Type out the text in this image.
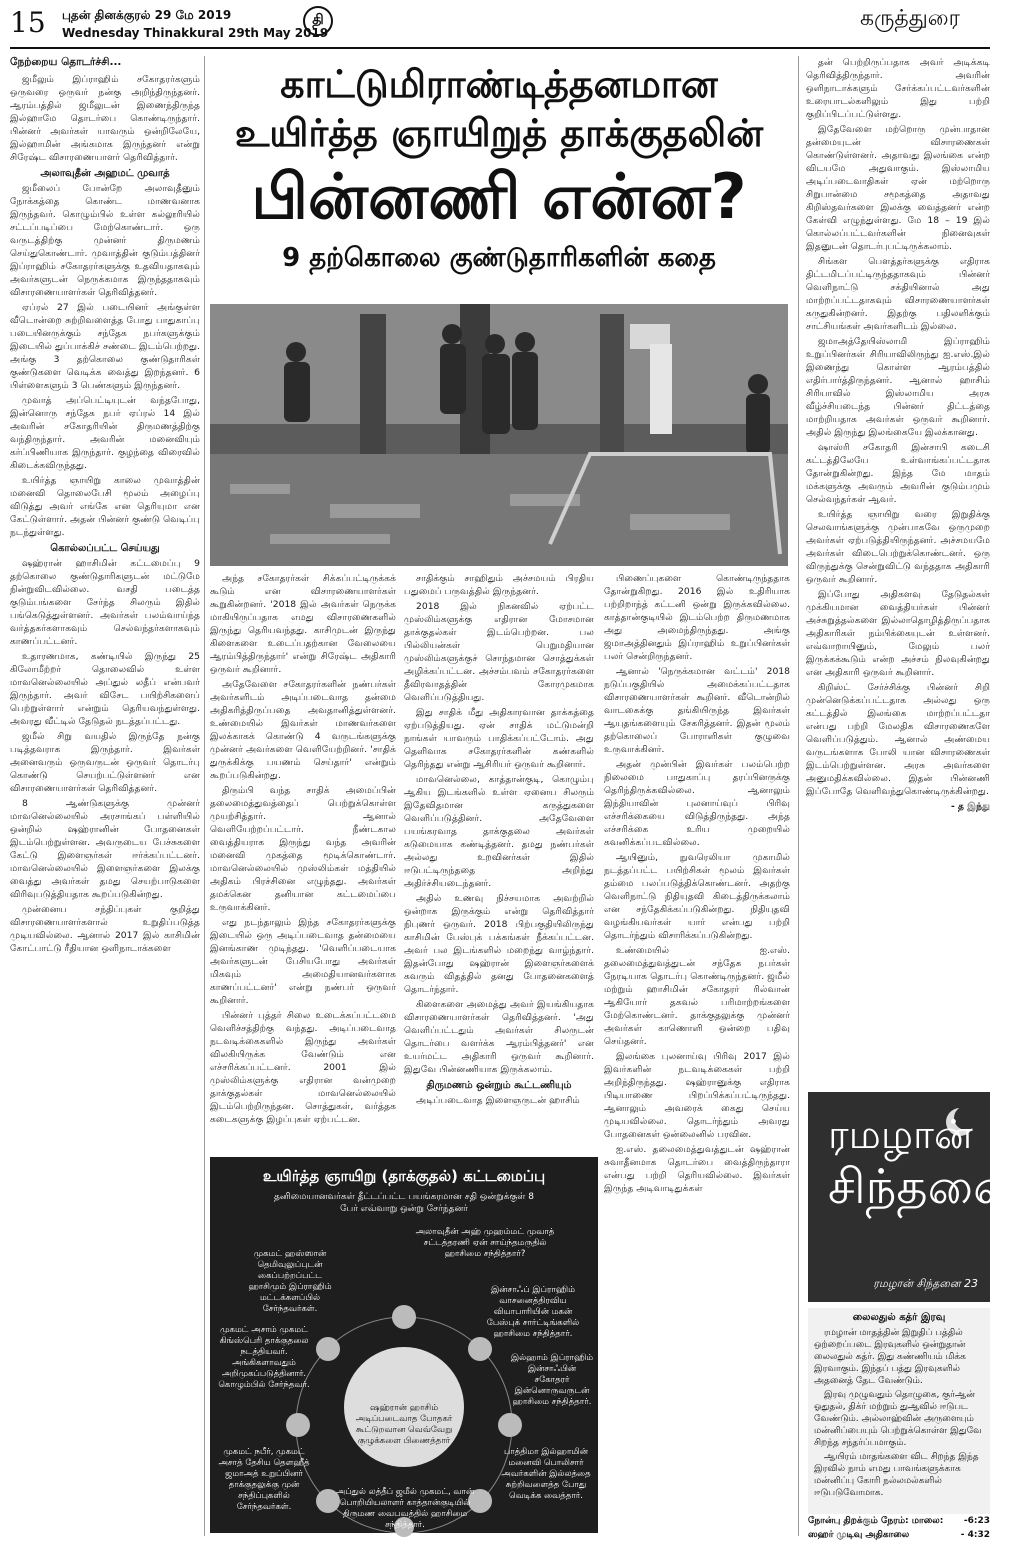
15 புதன் தினக்குரல் 29 மே 2019
Wednesday Thinakkural 29th May 2019
தி	கருத்துரை
காட்டுமிராண்டித்தனமான
உயிர்த்த ஞாயிறுத் தாக்குதலின்
பின்னணி என்ன?
9 தற்கொலை குண்டுதாரிகளின் கதை
நேற்றைய தொடர்ச்சி...

ஜமீலும் இப்ராஹிம் சகோதரர்களும் ஒருவரை ஒருவர் நன்கு அறிந்திருந்தனர். ஆரம்பத்தில் ஜமீலுடன் இணைந்திருந்த இல்ஹாமே தொடர்பை கொண்டிருந்தார். பின்னர் அவர்கள் யாவரும் ஒன்றிலேயே, இல்ஹாமின் அங்கமாக இருந்தனர் என்று சிரேஷ்ட விசாரணையாளர் தெரிவித்தார்.

அலாவுதீன் அஹமட் முவாத்

ஜமீலைப் போன்றே அலாவுதீனும் நோக்கத்தை கொண்ட மாணவனாக இருந்தவர். கொழும்பில் உள்ள கல்லூரியில் சட்டப்படிப்பை மேற்கொண்டார். ஒரு வருடத்திற்கு முன்னர் திருமணம் செய்துகொண்டார். முவாத்தின் குடும்பத்தினர் இப்ராஹிம் சகோதரர்களுக்கு உதவியதாகவும் அவர்களுடன் நெருக்கமாக இருந்ததாகவும் விசாரணையாளர்கள் தெரிவித்தனர்.

ஏப்ரல் 27 இல் படையினர் அங்குள்ள வீடொன்றை சுற்றிவளைத்த போது பாதுகாப்பு படையினருக்கும் சந்தேக நபர்களுக்கும் இடையில் துப்பாக்கிச் சண்டை இடம்பெற்றது. அங்கு 3 தற்கொலை குண்டுதாரிகள் குண்டுகளை வெடிக்க வைத்து இறந்தனர். 6 பிள்ளைகளும் 3 பெண்களும் இருந்தனர்.

முவாத் அப்பெட்டியுடன் வந்தபோது, இன்னொரு சந்தேக நபர் ஏப்ரல் 14 இல் அவரின் சகோதரியின் திருமணத்திற்கு வந்திருந்தார். அவரின் மனைவியும் கர்ப்பிணியாக இருந்தார். குழந்தை விரைவில் கிடைக்கவிருந்தது.

உயிர்த்த ஞாயிறு காலை முவாத்தின் மனைவி தொலைபேசி மூலம் அழைப்பு விடுத்து அவர் எங்கே என தெரியுமா என கேட்டுள்ளார். அதன் பின்னர் குண்டு வெடிப்பு நடந்துள்ளது.

கொல்லப்பட்ட செய்யது

ஷஹ்ரான் ஹாசிமின் கட்டமைப்பு 9 தற்கொலை குண்டுதாரிகளுடன் மட்டுமே நின்றுவிடவில்லை. வசதி படைத்த குடும்பங்களை சேர்ந்த சிலரும் இதில் பங்கெடுத்துள்ளனர். அவர்கள் பலம்வாய்ந்த வர்த்தகர்களாகவும் செல்வந்தர்களாகவும் காணப்பட்டனர்.

உதாரணமாக, கண்டியில் இருந்து 25 கிலோமீற்றர் தொலைவில் உள்ள மாவனெல்லையில் அப்துல் லதீப் என்பவர் இருந்தார். அவர் விசேட பயிற்சிகளைப் பெற்றுள்ளார் என்றும் தெரியவந்துள்ளது. அவரது வீட்டில் தேடுதல் நடத்தப்பட்டது.

ஜமீல் சிறு வயதில் இருந்தே நன்கு படித்தவராக இருந்தார். இவர்கள் அனைவரும் ஒருவருடன் ஒருவர் தொடர்பு கொண்டு செயற்பட்டுள்ளனர் என விசாரணையாளர்கள் தெரிவித்தனர்.

8 ஆண்டுகளுக்கு முன்னர் மாவனெல்லையில் அரசாங்கப் பள்ளியில் ஒன்றில் ஷஹ்ரானின் போதனைகள் இடம்பெற்றுள்ளன. அவருடைய பேச்சுகளை கேட்டு இளைஞர்கள் ஈர்க்கப்பட்டனர். மாவனெல்லையில் இளைஞர்களை இலக்கு வைத்து அவர்கள் தமது செயற்பாடுகளை விரிவுபடுத்தியதாக கூறப்படுகின்றது.

முன்னைய சந்திப்புகள் குறித்து விசாரணையாளர்களால் உறுதிப்படுத்த முடியவில்லை. ஆனால் 2017 இல் காசிமின் கோட்பாட்டு ரீதியான ஒளிநாடாக்களை

அந்த சகோதரர்கள் சிக்கப்பட்டிருக்கக் கூடும் என விசாரணையாளர்கள் கூறுகின்றனர். '2018 இல் அவர்கள் நெருக்க மாகியிருப்பதாக எமது விசாரணைகளில் இருந்து தெரியவந்தது. காசிமுடன் இருந்து கிளைகளை உடைப்பதற்கான வேலையை ஆரம்பித்திருந்தார்' என்று சிரேஷ்ட அதிகாரி ஒருவர் கூறினார்.

அதேவேளை சகோதரர்களின் நண்பர்கள் அவர்களிடம் அடிப்படைவாத தன்மை அதிகரித்திருப்பதை அவதானித்துள்ளனர். உண்மையில் இவர்கள் மாணவர்களை இலக்காகக் கொண்டு 4 வருடங்களுக்கு முன்னர் அவர்களை வெளியேற்றினர். 'சாதிக் துருக்கிக்கு பயணம் செய்தார்' என்றும் கூறப்படுகின்றது.

திரும்பி வந்த சாதிக் அமைப்பின் தலைமைத்துவத்தைப் பெற்றுக்கொள்ள முயற்சித்தார். ஆனால் வெளியேற்றப்பட்டார். நீண்டகால வைத்தியராக இருந்து வந்த அவரின் மனைவி முகத்தை மூடிக்கொண்டார். மாவனெல்லையில் முஸ்லிம்கள் மத்தியில் அதிகம் பிரச்சினை எழுந்தது. அவர்கள் தமக்கென தனியான கட்டமைப்பை உருவாக்கினர்.

எது நடந்தாலும் இந்த சகோதரர்களுக்கு இடையில் ஒரு அடிப்படைவாத தன்மையை இனங்காண முடிந்தது. 'வெளிப்படையாக அவர்களுடன் பேசியபோது அவர்கள் மிகவும் அமைதியானவர்களாக காணப்பட்டனர்' என்று நண்பர் ஒருவர் கூறினார்.

பின்னர் புத்தர் சிலை உடைக்கப்பட்டமை வெளிச்சத்திற்கு வந்தது. அடிப்படைவாத நடவடிக்கைகளில் இருந்து அவர்கள் விலகியிருக்க வேண்டும் என எச்சரிக்கப்பட்டனர். 2001 இல் முஸ்லிம்களுக்கு எதிரான வன்முறை தாக்குதல்கள் மாவனெல்லையில் இடம்பெற்றிருந்தன. சொத்துகள், வர்த்தக கடைகளுக்கு இழப்புகள் ஏற்பட்டன.

சாதிக்கும் சாஹிதும் அச்சமயம் பிரதிய பதுமைப் பருவத்தில் இருந்தனர்.

2018 இல் நிகனவில் ஏற்பட்ட முஸ்லிம்களுக்கு எதிரான மோசமான தாக்குதல்கள் இடம்பெற்றன. பல பில்லியன்கள் பெறுமதியான முஸ்லிம்களுக்குச் சொந்தமான சொத்துக்கள் அழிக்கப்பட்டன. அச்சம்பவம் சகோதரர்களை தீவிரவாதத்தின் கோரமுகமாக வெளிப்படுத்தியது.

இது சாதிக் மீது அதிகாரவான தாக்கத்தை ஏற்படுத்தியது. ஏன் சாதிக் மட்டுமன்றி நாங்கள் யாவரும் பாதிக்கப்பட்டோம். அது தெளிவாக சகோதரர்களின் கண்களில் தெரிந்தது என்று ஆசிரியர் ஒருவர் கூறினார்.

மாவனெல்லை, காத்தான்குடி, கொழும்பு ஆகிய இடங்களில் உள்ள ஏனைய சிலரும் இதேவிதமான கருத்துகளை வெளிப்படுத்தினர். அதேவேளை பயங்கரவாத தாக்குதலை அவர்கள் கடுமையாக கண்டித்தனர். தமது நண்பர்கள் அல்லது உறவினர்கள் இதில் ஈடுபட்டிருந்ததை அறிந்து அதிர்ச்சியடைந்தனர்.

அதில் உணவு நிச்சயமாக அவற்றில் ஒன்றாக இருக்கும் என்று தெரிவித்தார் நிபுணர் ஒருவர். 2018 பிற்பகுதியிலிருந்து காசிமின் பேஸ்புக் பக்கங்கள் நீக்கப்பட்டன. அவர் பல இடங்களில் மறைந்து வாழ்ந்தார். இதன்போது ஷஹ்ரான் இளைஞர்களைக் கவரும் விதத்தில் தனது போதனைகளைத் தொடர்ந்தார்.

கிளைகளை அமைத்து அவர் இயங்கியதாக விசாரணையாளர்கள் தெரிவித்தனர். 'அது வெளிப்பட்டதும் அவர்கள் சிலருடன் தொடர்பை வளர்க்க ஆரம்பித்தனர்' என உயர்மட்ட அதிகாரி ஒருவர் கூறினார். இதுவே பின்னணியாக இருக்கலாம்.

திருமணம் ஒன்றும் கூட்டணியும்

அடிப்படைவாத இளைஞருடன் ஹாசிம்

பிணைப்புகளை கொண்டிருந்ததாக தோன்றுகிறது. 2016 இல் உதிரியாக பற்றிறாந்த் கட்டனி ஒன்று இருக்கவில்லை. காத்தான்குடியில் இடம்பெற்ற திருமணமாக அது அமைந்திருந்தது. அங்கு ஜமாஅத்தினதும் இப்ராஹிம் உறுப்பினர்கள் பலர் சென்றிருந்தனர்.

ஆனால் 'நெருக்கமான வட்டம்' 2018 நடுப்பகுதியில் அமைக்கப்பட்டதாக விசாரணையாளர்கள் கூறினர். வீடொன்றில் வாடகைக்கு தங்கியிருந்த இவர்கள் ஆயுதங்களையும் சேகரித்தனர். இதன் மூலம் தற்கொலைப் போராளிகள் குழுவை உருவாக்கினர்.

அதன் முன்பின் இவர்கள் பலம்பெற்ற நிலைமை பாதுகாப்பு தரப்பினருக்கு தெரிந்திருக்கவில்லை. ஆனாலும் இந்தியாவின் புலனாய்வுப் பிரிவு எச்சரிக்கையை விடுத்திருந்தது. அந்த எச்சரிக்கை உரிய முறையில் கவனிக்கப்படவில்லை.

ஆயினும், நுவரெலியா முகாமில் நடத்தப்பட்ட பயிற்சிகள் மூலம் இவர்கள் தம்மை பலப்படுத்திக்கொண்டனர். அதற்கு வெளிநாட்டு நிதியுதவி கிடைத்திருக்கலாம் என சந்தேகிக்கப்படுகின்றது. நிதியுதவி வழங்கியவர்கள் யார் என்பது பற்றி தொடர்ந்தும் விசாரிக்கப்படுகின்றது.

உண்மையில் ஐ.எஸ். தலைமைத்துவத்துடன் சந்தேக நபர்கள் நேரடியாக தொடர்பு கொண்டிருந்தனர். ஜமீல் மற்றும் ஹாசிமின் சகோதரர் ரில்வான் ஆகியோர் தகவல் பரிமாற்றங்களை மேற்கொண்டனர். தாக்குதலுக்கு முன்னர் அவர்கள் காணொளி ஒன்றை பதிவு செய்தனர்.

இலங்கை புலனாய்வு பிரிவு 2017 இல் இவர்களின் நடவடிக்கைகள் பற்றி அறிந்திருந்தது. ஷஹ்ரானுக்கு எதிராக பிடியாணை பிறப்பிக்கப்பட்டிருந்தது. ஆனாலும் அவரைக் கைது செய்ய முடியவில்லை. தொடர்ந்தும் அவரது போதனைகள் ஒன்லைனில் பரவின.

ஐ.எஸ். தலைமைத்துவத்துடன் ஷஹ்ரான் சுவாதீனமாக தொடர்பை வைத்திருந்தாரா என்பது பற்றி தெரியவில்லை. இவர்கள் இருந்த அடிவாடிதுக்கள்

தன் பெற்றிருப்பதாக அவர் அடிக்கடி தெரிவித்திருந்தார். அவரின் ஒளிநாடாக்களும் சேர்க்கப்பட்டவர்களின் உரையாடல்களிலும் இது பற்றி குறிப்பிடப்பட்டுள்ளது.

இதேவேளை மற்றொரு முன்பாதான தன்மையுடன் விசாரணைகள் கொண்டுள்ளனர். அதாவது இலங்கை என்ற விடயமே அதுவாகும். இஸ்லாமிய அடிப்படைவாதிகள் ஏன் மற்றொரு சிறுபான்மை சமூகத்தை அதாவது கிறிஸ்தவர்களை இலக்கு வைத்தனர் என்ற கேள்வி எழுந்துள்ளது. மே 18 – 19 இல் கொல்லப்பட்டவர்களின் நினைவுகள் இதனுடன் தொடர்புபட்டிருக்கலாம்.

சிங்கள பௌத்தர்களுக்கு எதிராக திட்டமிடப்பட்டிருந்ததாகவும் பின்னர் வெளிநாட்டு சக்தியினால் அது மாற்றப்பட்டதாகவும் விசாரணையாளர்கள் கருதுகின்றனர். இதற்கு பதிலளிக்கும் சாட்சியங்கள் அவர்களிடம் இல்லை.

ஜமாஅத்தேயிஸ்லாமி இப்ராஹிம் உறுப்பினர்கள் சிரியாவிலிருந்து ஐ.எஸ்.இல் இணைந்து கொள்ள ஆரம்பத்தில் எதிர்பார்த்திருந்தனர். ஆனால் ஹாசிம் சிரியாவில் இஸ்லாமிய அரசு வீழ்ச்சியடைந்த பின்னர் திட்டத்தை மாற்றியதாக அவர்கள் ஒருவர் கூறினார். அதில் இருந்து இலங்கையே இலக்கானது.

ஷாஸ்ரி சகோதரி இன்சாபி கடைசி கட்டத்திலேயே உள்வாங்கப்பட்டதாக தோன்றுகின்றது. இந்த மே மாதம் மக்களுக்கு அவரும் அவரின் குடும்பமும் செல்வந்தர்கள் ஆவர்.

உயிர்த்த ஞாயிறு வரை இறுதிக்கு செலவாங்களுக்கு முன்பாகவே ஒருமுறை அவர்கள் ஏற்படுத்தியிருந்தனர். அச்சமயமே அவர்கள் விடைபெற்றுக்கொண்டனர். ஒரு விருந்துக்கு சென்றுவிட்டு வந்ததாக அதிகாரி ஒருவர் கூறினார்.

இப்போது அதிகளவு தேடுதல்கள் முக்கியமான வைத்தியர்கள் பின்னர் அச்சுறுத்தல்களை இல்லாதொழித்திருப்பதாக அதிகாரிகள் நம்பிக்கையுடன் உள்ளனர். எவ்வாறாயினும், மேலும் பலர் இருக்கக்கூடும் என்ற அச்சம் நிலவுகின்றது என அதிகாரி ஒருவர் கூறினார்.

கிறிஸ்ட் சேர்ச்சிக்கு பின்னர் சிறி முன்னெடுக்கப்பட்டதாக அல்லது ஒரு கட்டத்தில் இலங்கை மாற்றப்பட்டதா என்பது பற்றி மேலதிக விசாரணைகளே வெளிப்படுத்தும். ஆனால் அண்மைய வருடங்களாக போலி யான விசாரணைகள் இடம்பெற்றுள்ளன. அரசு அவர்களை அனுமதிக்கவில்லை. இதன் பின்னணி இப்போதே வெளிவந்துகொண்டிருக்கின்றது.

- த இந்து

உயிர்த்த ஞாயிறு (தாக்குதல்) கட்டமைப்பு
தனிமையானவர்கள் தீட்டப்பட்ட பயங்கரமான சதி ஒன்றுக்குள் 8 பேர் எவ்வாறு ஒன்று சேர்ந்தனர்
அலாவுதீன் அஹ் முஹம்மட் முவாத் சட்டத்தரணி ஏன் சாய்ந்தமருதில் ஹாசிமை சந்தித்தார்?
முகமட் ஹஸ்ஸான் தெமிவுலுப்புடன் கைப்பற்றப்பட்ட ஹாசிமும் இப்ராஹிம் மட்டக்களப்பில் சேர்ந்தவர்கள்.
இன்சாஃப் இப்ராஹிம் வாசனைத்திரவிய வியாபாரியின் மகன் பேஸ்புக் சார்ட்டிங்களில் ஹாசிமை சந்தித்தார்.
முகமட் அசாம் முகமட் கிங்ஸ்பெரி தாக்குதலை நடத்தியவர். அங்கிகளாவதும் அறிமுகப்படுத்தினார். கொழும்பில் சேர்ந்தவர்.
இல்ஹாம் இப்ராஹிம் இன்சாஃபின் சகோதரர் இன்னொருவருடன் ஹாசிமை சந்தித்தார்.
முகமட் நபீர், முகமட் அசாத் தேசிய தௌஹீத் ஜமாஅத் உறுப்பினர் தாக்குதலுக்கு முன் சந்திப்புகளில் சேர்ந்தவர்கள்.
பாத்திமா இல்ஹாமின் மனைவி பொலிசார் அவர்களின் இல்லத்தை சுற்றிவளைத்த போது வெடிக்க வைத்தார்.
அப்துல் லத்தீப் ஜமீல் முகமட், வான் பொறியியலாளர் காத்தான்குடியில் திருமண வைபவத்தில் ஹாசிமை சந்தித்தார்.
ஷஹ்ரான் ஹாசிம் அடிப்படைவாத போதகர் கூட்டுறவான வெவ்வேறு குழுக்களை பிணைத்தார்
ரமழான்
சிந்தனை
ரமழான் சிந்தனை 23
லைலதுல் கத்ர் இரவு

ரமழான் மாதத்தின் இறுதிப் பத்தில் ஒற்றைப்படை இரவுகளில் ஒன்றுதான் லைலதுல் கத்ர். இது கண்ணியம் மிக்க இரவாகும். இந்தப் பத்து இரவுகளில் அதனைத் தேட வேண்டும்.

இரவு முழுவதும் தொழுகை, குர்ஆன் ஓதுதல், திக்ர் மற்றும் துஆவில் ஈடுபட வேண்டும். அல்லாஹ்வின் அருளையும் மன்னிப்பையும் பெற்றுக்கொள்ள இதுவே சிறந்த சந்தர்ப்பமாகும்.

ஆயிரம் மாதங்களை விட சிறந்த இந்த இரவில் நாம் எமது பாவங்களுக்காக மன்னிப்பு கோரி நல்லமல்களில் ஈடுபடுவோமாக.

நோன்பு திறக்கும் நேரம்: மாலை: -6:23
ஸஹர் முடிவு அதிகாலை	- 4:32
